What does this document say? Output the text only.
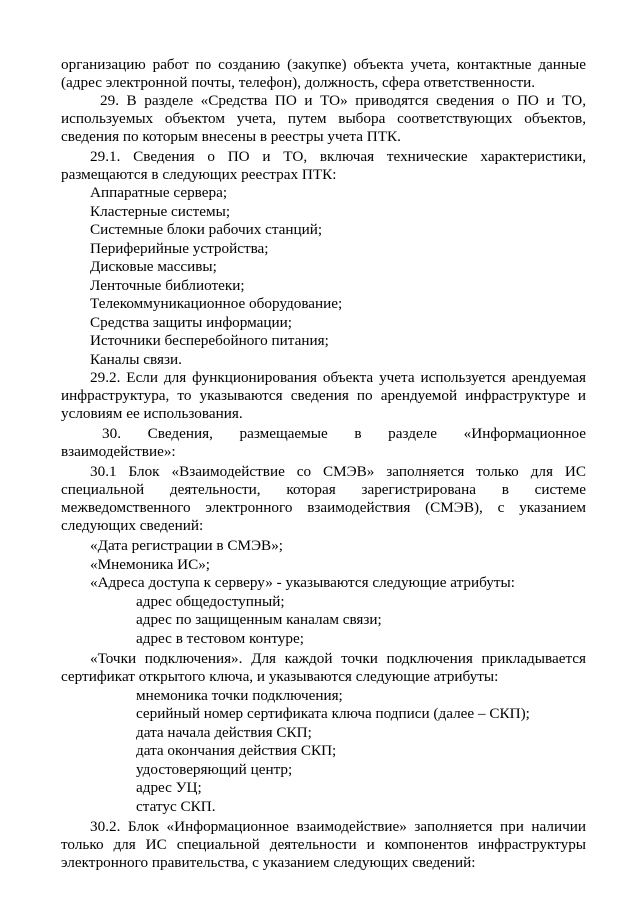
организацию работ по созданию (закупке) объекта учета, контактные данные
(адрес электронной почты, телефон), должность, сфера ответственности.
29. В разделе «Средства ПО и ТО» приводятся сведения о ПО и ТО,
используемых объектом учета, путем выбора соответствующих объектов,
сведения по которым внесены в реестры учета ПТК.
29.1. Сведения о ПО и ТО, включая технические характеристики,
размещаются в следующих реестрах ПТК:
Аппаратные сервера;
Кластерные системы;
Системные блоки рабочих станций;
Периферийные устройства;
Дисковые массивы;
Ленточные библиотеки;
Телекоммуникационное оборудование;
Средства защиты информации;
Источники бесперебойного питания;
Каналы связи.
29.2. Если для функционирования объекта учета используется арендуемая
инфраструктура, то указываются сведения по арендуемой инфраструктуре и
условиям ее использования.
30. Сведения, размещаемые в разделе «Информационное
взаимодействие»:
30.1 Блок «Взаимодействие со СМЭВ» заполняется только для ИС
специальной деятельности, которая зарегистрирована в системе
межведомственного электронного взаимодействия (СМЭВ), с указанием
следующих сведений:
«Дата регистрации в СМЭВ»;
«Мнемоника ИС»;
«Адреса доступа к серверу» - указываются следующие атрибуты:
адрес общедоступный;
адрес по защищенным каналам связи;
адрес в тестовом контуре;
«Точки подключения». Для каждой точки подключения прикладывается
сертификат открытого ключа, и указываются следующие атрибуты:
мнемоника точки подключения;
серийный номер сертификата ключа подписи (далее – СКП);
дата начала действия СКП;
дата окончания действия СКП;
удостоверяющий центр;
адрес УЦ;
статус СКП.
30.2. Блок «Информационное взаимодействие» заполняется при наличии
только для ИС специальной деятельности и компонентов инфраструктуры
электронного правительства, с указанием следующих сведений:
